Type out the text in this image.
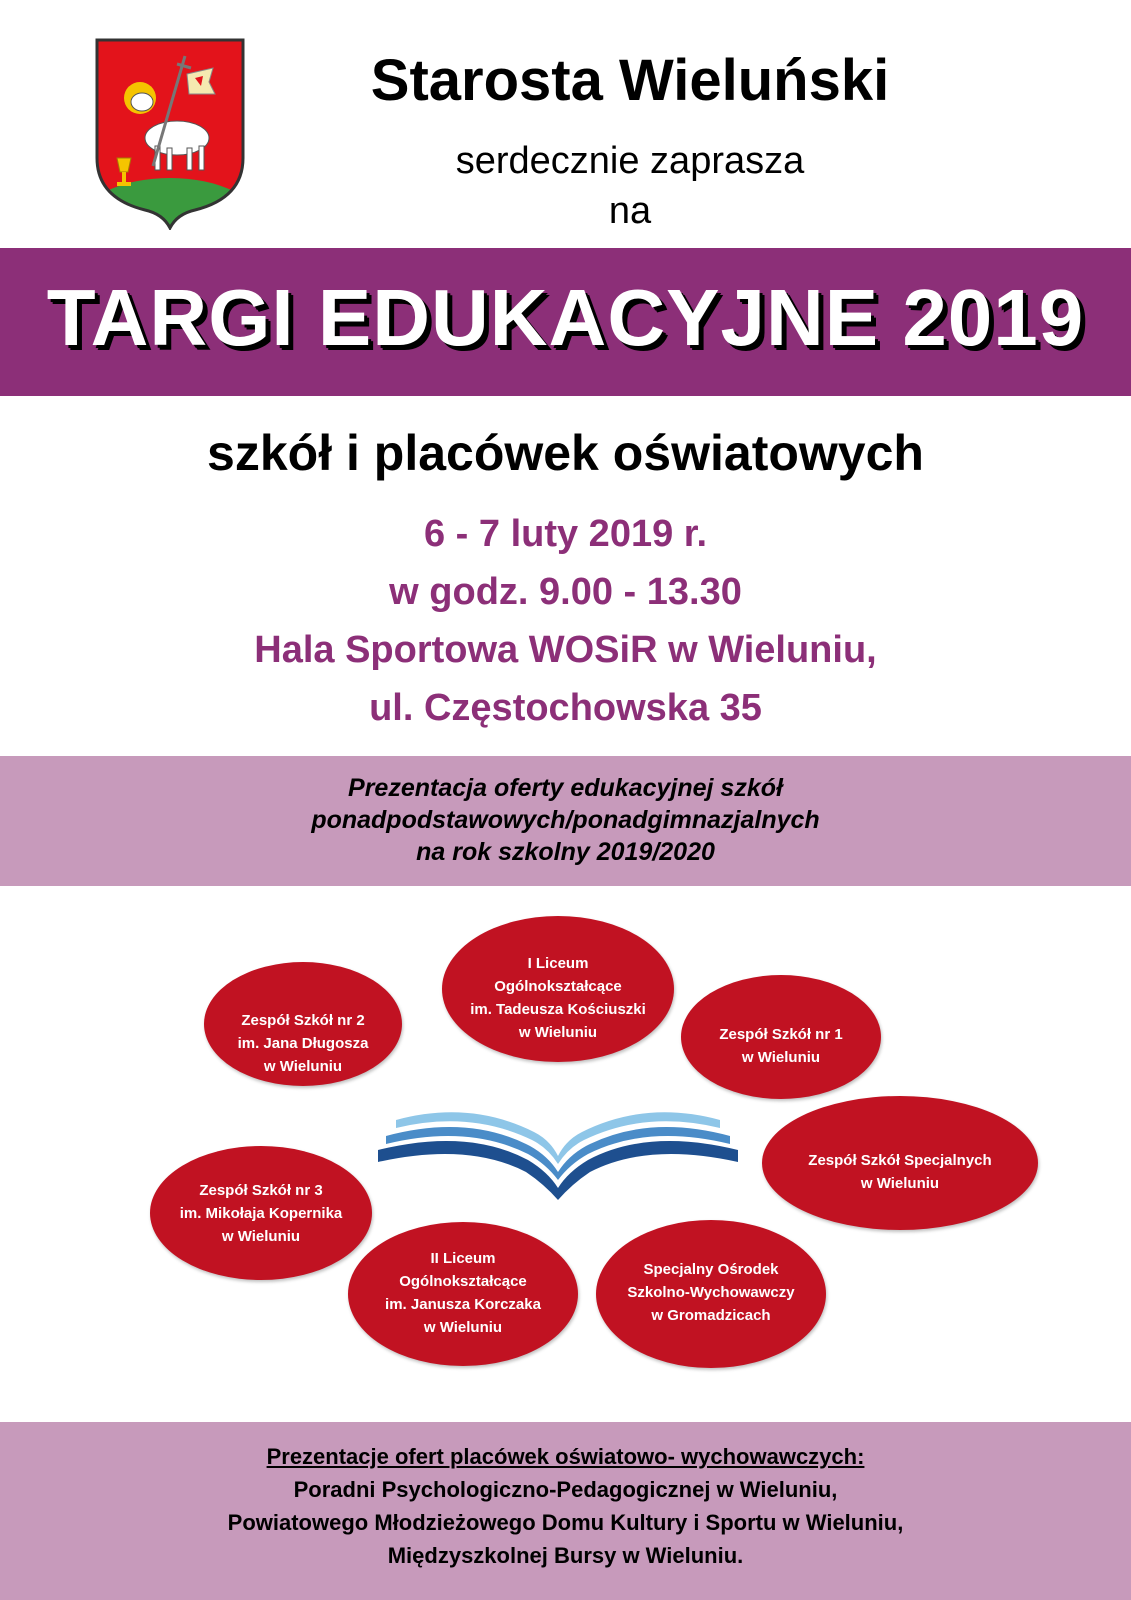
Starosta Wieluński
serdecznie zaprasza
na
TARGI EDUKACYJNE 2019
szkół i placówek oświatowych
6 - 7 luty 2019 r.
w godz. 9.00 - 13.30
Hala Sportowa WOSiR w Wieluniu,
ul. Częstochowska 35
Prezentacja oferty edukacyjnej szkół
ponadpodstawowych/ponadgimnazjalnych
na rok szkolny 2019/2020
Zespół Szkół nr 2
im. Jana Długosza
w Wieluniu
I Liceum
Ogólnokształcące
im. Tadeusza Kościuszki
w Wieluniu	Zespół Szkół nr 1
w Wieluniu
Zespół Szkół Specjalnych
w Wieluniu
Zespół Szkół nr 3
im. Mikołaja Kopernika
w Wieluniu
II Liceum
Ogólnokształcące
im. Janusza Korczaka
w Wieluniu
Specjalny Ośrodek
Szkolno-Wychowawczy
w Gromadzicach
Prezentacje ofert placówek oświatowo- wychowawczych:
Poradni Psychologiczno-Pedagogicznej w Wieluniu,
Powiatowego Młodzieżowego Domu Kultury i Sportu w Wieluniu,
Międzyszkolnej Bursy w Wieluniu.
